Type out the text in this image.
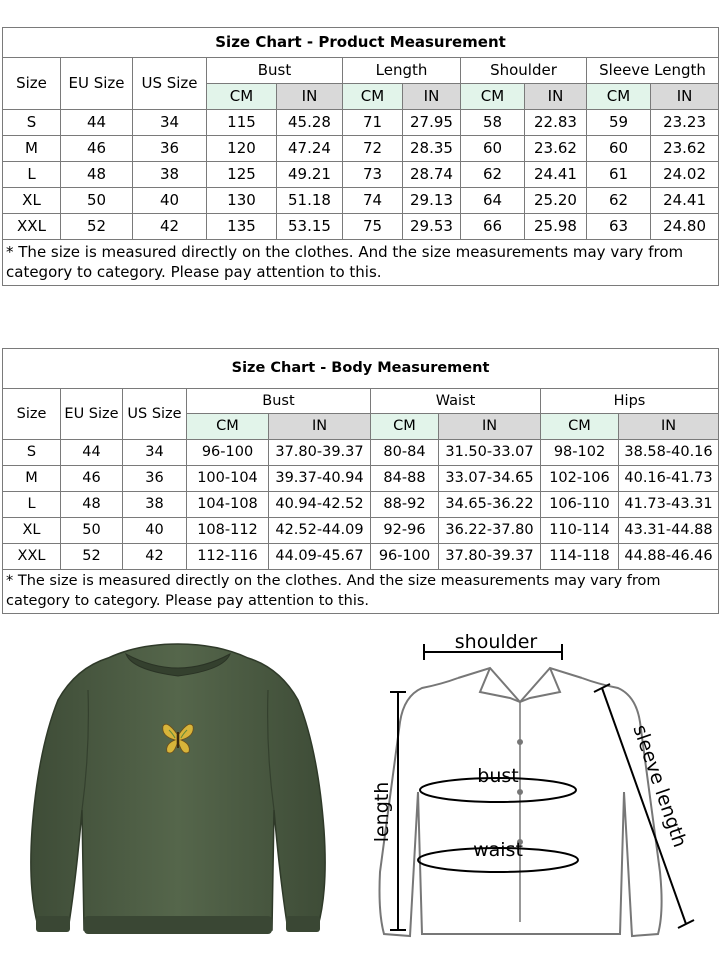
Size Chart - Product Measurement										
Size	EU Size	US Size	Bust		Length		Shoulder		Sleeve Length	
			CM	IN	CM	IN	CM	IN	CM	IN
S	44	34	115	45.28	71	27.95	58	22.83	59	23.23
M	46	36	120	47.24	72	28.35	60	23.62	60	23.62
L	48	38	125	49.21	73	28.74	62	24.41	61	24.02
XL	50	40	130	51.18	74	29.13	64	25.20	62	24.41
XXL	52	42	135	53.15	75	29.53	66	25.98	63	24.80
* The size is measured directly on the clothes. And the size measurements may vary from category to category. Please pay attention to this.										
Size Chart - Body Measurement								
Size	EU Size	US Size	Bust		Waist		Hips	
			CM	IN	CM	IN	CM	IN
S	44	34	96-100	37.80-39.37	80-84	31.50-33.07	98-102	38.58-40.16
M	46	36	100-104	39.37-40.94	84-88	33.07-34.65	102-106	40.16-41.73
L	48	38	104-108	40.94-42.52	88-92	34.65-36.22	106-110	41.73-43.31
XL	50	40	108-112	42.52-44.09	92-96	36.22-37.80	110-114	43.31-44.88
XXL	52	42	112-116	44.09-45.67	96-100	37.80-39.37	114-118	44.88-46.46
* The size is measured directly on the clothes. And the size measurements may vary from category to category. Please pay attention to this.								
shoulder
bust
waist
length	sleeve length
